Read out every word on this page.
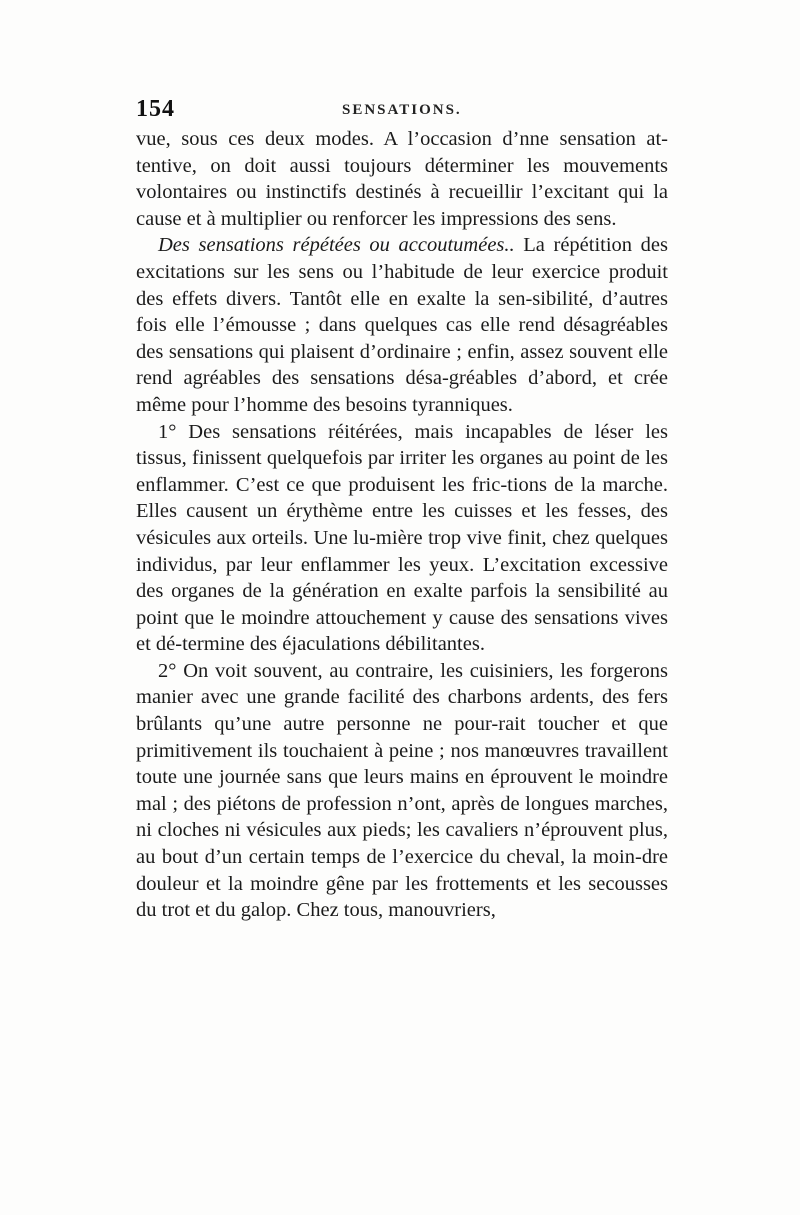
154	SENSATIONS.

vue, sous ces deux modes. A l’occasion d’nne sensation at-tentive, on doit aussi toujours déterminer les mouvements volontaires ou instinctifs destinés à recueillir l’excitant qui la cause et à multiplier ou renforcer les impressions des sens.

Des sensations répétées ou accoutumées.. La répétition des excitations sur les sens ou l’habitude de leur exercice produit des effets divers. Tantôt elle en exalte la sen-sibilité, d’autres fois elle l’émousse ; dans quelques cas elle rend désagréables des sensations qui plaisent d’ordinaire ; enfin, assez souvent elle rend agréables des sensations désa-gréables d’abord, et crée même pour l’homme des besoins tyranniques.

1° Des sensations réitérées, mais incapables de léser les tissus, finissent quelquefois par irriter les organes au point de les enflammer. C’est ce que produisent les fric-tions de la marche. Elles causent un érythème entre les cuisses et les fesses, des vésicules aux orteils. Une lu-mière trop vive finit, chez quelques individus, par leur enflammer les yeux. L’excitation excessive des organes de la génération en exalte parfois la sensibilité au point que le moindre attouchement y cause des sensations vives et dé-termine des éjaculations débilitantes.

2° On voit souvent, au contraire, les cuisiniers, les forgerons manier avec une grande facilité des charbons ardents, des fers brûlants qu’une autre personne ne pour-rait toucher et que primitivement ils touchaient à peine ; nos manœuvres travaillent toute une journée sans que leurs mains en éprouvent le moindre mal ; des piétons de profession n’ont, après de longues marches, ni cloches ni vésicules aux pieds; les cavaliers n’éprouvent plus, au bout d’un certain temps de l’exercice du cheval, la moin-dre douleur et la moindre gêne par les frottements et les secousses du trot et du galop. Chez tous, manouvriers,
